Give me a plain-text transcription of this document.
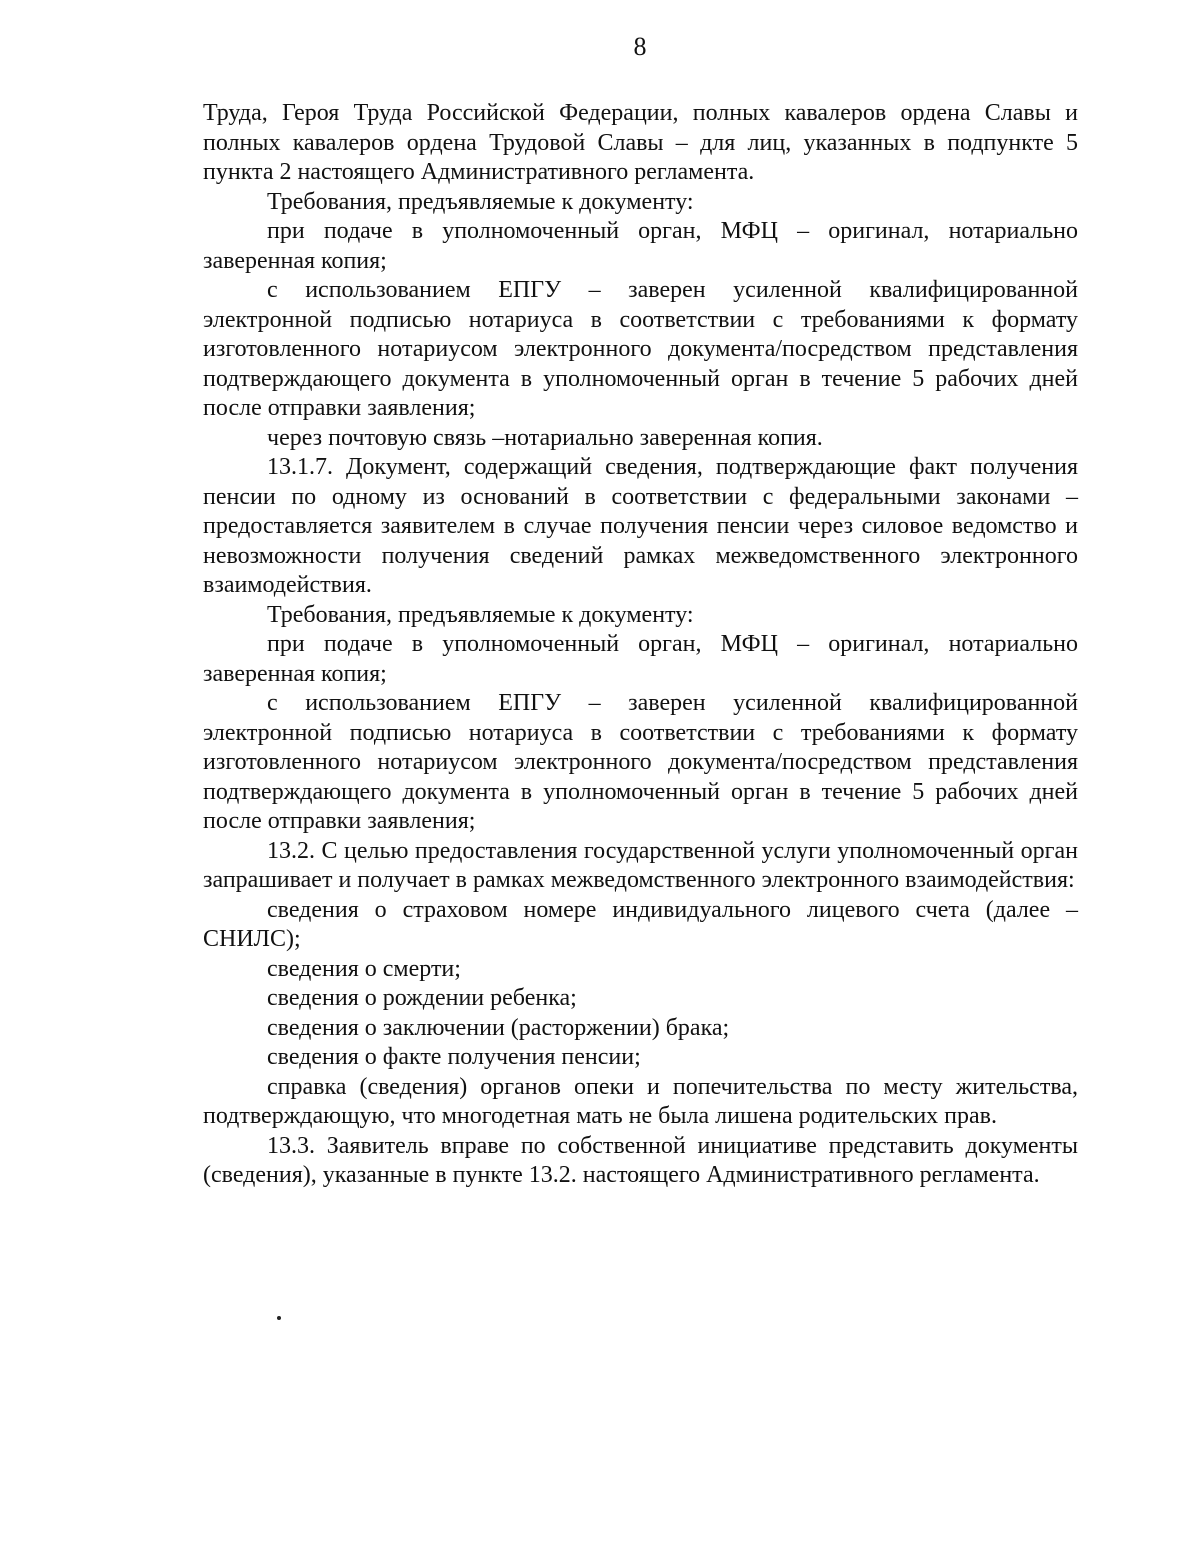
8

Труда, Героя Труда Российской Федерации, полных кавалеров ордена Славы и полных кавалеров ордена Трудовой Славы – для лиц, указанных в подпункте 5 пункта 2 настоящего Административного регламента.

Требования, предъявляемые к документу:

при подаче в уполномоченный орган, МФЦ – оригинал, нотариально заверенная копия;

с использованием ЕПГУ – заверен усиленной квалифицированной электронной подписью нотариуса в соответствии с требованиями к формату изготовленного нотариусом электронного документа/посредством представления подтверждающего документа в уполномоченный орган в течение 5 рабочих дней после отправки заявления;

через почтовую связь –нотариально заверенная копия.

13.1.7. Документ, содержащий сведения, подтверждающие факт получения пенсии по одному из оснований в соответствии с федеральными законами – предоставляется заявителем в случае получения пенсии через силовое ведомство и невозможности получения сведений рамках межведомственного электронного взаимодействия.

Требования, предъявляемые к документу:

при подаче в уполномоченный орган, МФЦ – оригинал, нотариально заверенная копия;

с использованием ЕПГУ – заверен усиленной квалифицированной электронной подписью нотариуса в соответствии с требованиями к формату изготовленного нотариусом электронного документа/посредством представления подтверждающего документа в уполномоченный орган в течение 5 рабочих дней после отправки заявления;

13.2. С целью предоставления государственной услуги уполномоченный орган запрашивает и получает в рамках межведомственного электронного взаимодействия:

сведения о страховом номере индивидуального лицевого счета (далее – СНИЛС);

сведения о смерти;

сведения о рождении ребенка;

сведения о заключении (расторжении) брака;

сведения о факте получения пенсии;

справка (сведения) органов опеки и попечительства по месту жительства, подтверждающую, что многодетная мать не была лишена родительских прав.

13.3. Заявитель вправе по собственной инициативе представить документы (сведения), указанные в пункте 13.2. настоящего Административного регламента.
